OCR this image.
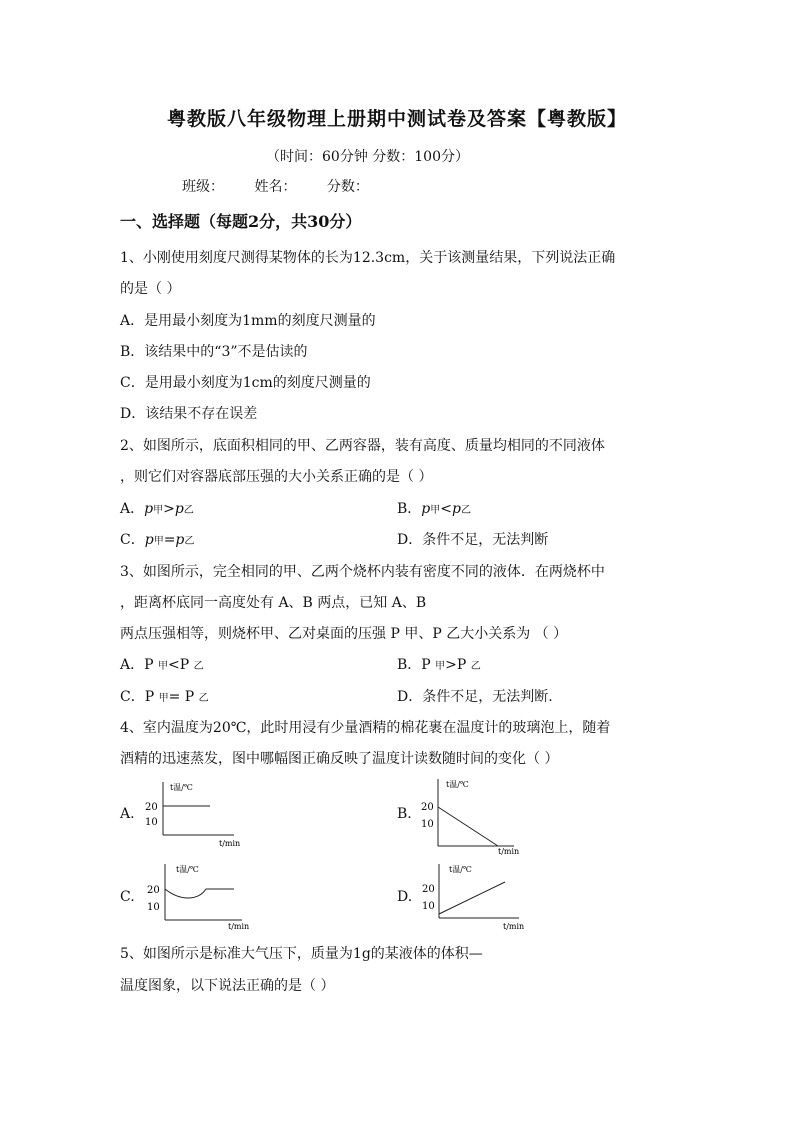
粤教版八年级物理上册期中测试卷及答案【粤教版】
（时间：60分钟 分数：100分）
班级： 姓名： 分数：
一、选择题（每题2分，共30分）
1、小刚使用刻度尺测得某物体的长为12.3cm，关于该测量结果，下列说法正确
的是（ ）
A．是用最小刻度为1mm的刻度尺测量的
B．该结果中的“3”不是估读的
C．是用最小刻度为1cm的刻度尺测量的
D．该结果不存在误差
2、如图所示，底面积相同的甲、乙两容器，装有高度、质量均相同的不同液体
，则它们对容器底部压强的大小关系正确的是（ ）
A．p甲>p乙	B．p甲<p乙
C．p甲=p乙	D．条件不足，无法判断
3、如图所示，完全相同的甲、乙两个烧杯内装有密度不同的液体．在两烧杯中
，距离杯底同一高度处有 A、B 两点，已知 A、B
两点压强相等，则烧杯甲、乙对桌面的压强 P 甲、P 乙大小关系为 （ ）
A．P 甲<P 乙	B．P 甲>P 乙
C．P 甲= P 乙	D．条件不足，无法判断.
4、室内温度为20℃，此时用浸有少量酒精的棉花裹在温度计的玻璃泡上，随着
酒精的迅速蒸发，图中哪幅图正确反映了温度计读数随时间的变化（ ）
A.
t温/℃
20
10
t/min
B.
t温/℃
20
10
t/min
C.
t温/℃
20
10
t/min
D.
t温/℃
20
10
t/min
5、如图所示是标准大气压下，质量为1g的某液体的体积—
温度图象，以下说法正确的是（ ）
